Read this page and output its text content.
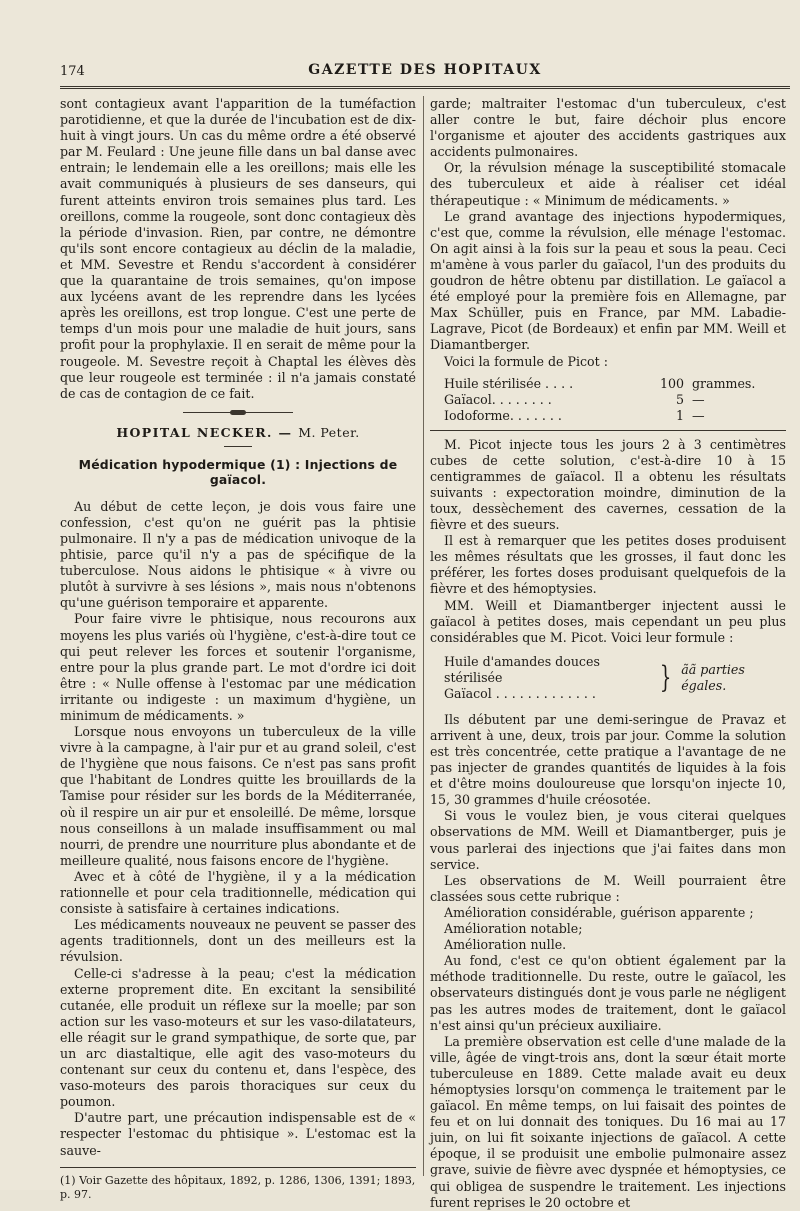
174	GAZETTE DES HOPITAUX

sont contagieux avant l'apparition de la tuméfaction parotidienne, et que la durée de l'incubation est de dix-huit à vingt jours. Un cas du même ordre a été observé par M. Feulard : Une jeune fille dans un bal danse avec entrain; le lendemain elle a les oreillons; mais elle les avait communiqués à plusieurs de ses danseurs, qui furent atteints environ trois semaines plus tard. Les oreillons, comme la rougeole, sont donc contagieux dès la période d'invasion. Rien, par contre, ne démontre qu'ils sont encore contagieux au déclin de la maladie, et MM. Sevestre et Rendu s'accordent à considérer que la quarantaine de trois semaines, qu'on impose aux lycéens avant de les reprendre dans les lycées après les oreillons, est trop longue. C'est une perte de temps d'un mois pour une maladie de huit jours, sans profit pour la prophylaxie. Il en serait de même pour la rougeole. M. Sevestre reçoit à Chaptal les élèves dès que leur rougeole est terminée : il n'a jamais constaté de cas de contagion de ce fait.

HOPITAL NECKER. — M. Peter.
Médication hypodermique (1) : Injections de gaïacol.

Au début de cette leçon, je dois vous faire une confession, c'est qu'on ne guérit pas la phtisie pulmonaire. Il n'y a pas de médication univoque de la phtisie, parce qu'il n'y a pas de spécifique de la tuberculose. Nous aidons le phtisique « à vivre ou plutôt à survivre à ses lésions », mais nous n'obtenons qu'une guérison temporaire et apparente.

Pour faire vivre le phtisique, nous recourons aux moyens les plus variés où l'hygiène, c'est-à-dire tout ce qui peut relever les forces et soutenir l'organisme, entre pour la plus grande part. Le mot d'ordre ici doit être : « Nulle offense à l'estomac par une médication irritante ou indigeste : un maximum d'hygiène, un minimum de médicaments. »

Lorsque nous envoyons un tuberculeux de la ville vivre à la campagne, à l'air pur et au grand soleil, c'est de l'hygiène que nous faisons. Ce n'est pas sans profit que l'habitant de Londres quitte les brouillards de la Tamise pour résider sur les bords de la Méditerranée, où il respire un air pur et ensoleillé. De même, lorsque nous conseillons à un malade insuffisamment ou mal nourri, de prendre une nourriture plus abondante et de meilleure qualité, nous faisons encore de l'hygiène.

Avec et à côté de l'hygiène, il y a la médication rationnelle et pour cela traditionnelle, médication qui consiste à satisfaire à certaines indications.

Les médicaments nouveaux ne peuvent se passer des agents traditionnels, dont un des meilleurs est la révulsion.

Celle-ci s'adresse à la peau; c'est la médication externe proprement dite. En excitant la sensibilité cutanée, elle produit un réflexe sur la moelle; par son action sur les vaso-moteurs et sur les vaso-dilatateurs, elle réagit sur le grand sympathique, de sorte que, par un arc diastaltique, elle agit des vaso-moteurs du contenant sur ceux du contenu et, dans l'espèce, des vaso-moteurs des parois thoraciques sur ceux du poumon.

D'autre part, une précaution indispensable est de « respecter l'estomac du phtisique ». L'estomac est la sauve-

(1) Voir Gazette des hôpitaux, 1892, p. 1286, 1306, 1391; 1893, p. 97.

garde; maltraiter l'estomac d'un tuberculeux, c'est aller contre le but, faire déchoir plus encore l'organisme et ajouter des accidents gastriques aux accidents pulmonaires.

Or, la révulsion ménage la susceptibilité stomacale des tuberculeux et aide à réaliser cet idéal thérapeutique : « Minimum de médicaments. »

Le grand avantage des injections hypodermiques, c'est que, comme la révulsion, elle ménage l'estomac. On agit ainsi à la fois sur la peau et sous la peau. Ceci m'amène à vous parler du gaïacol, l'un des produits du goudron de hêtre obtenu par distillation. Le gaïacol a été employé pour la première fois en Allemagne, par Max Schüller, puis en France, par MM. Labadie-Lagrave, Picot (de Bordeaux) et enfin par MM. Weill et Diamantberger.

Voici la formule de Picot :

Huile stérilisée . . . .	100 grammes.
Gaïacol. . . . . . . .	5 —
Iodoforme. . . . . . .	1 —

M. Picot injecte tous les jours 2 à 3 centimètres cubes de cette solution, c'est-à-dire 10 à 15 centigrammes de gaïacol. Il a obtenu les résultats suivants : expectoration moindre, diminution de la toux, dessèchement des cavernes, cessation de la fièvre et des sueurs.

Il est à remarquer que les petites doses produisent les mêmes résultats que les grosses, il faut donc les préférer, les fortes doses produisant quelquefois de la fièvre et des hémoptysies.

MM. Weill et Diamantberger injectent aussi le gaïacol à petites doses, mais cependant un peu plus considérables que M. Picot. Voici leur formule :

Huile d'amandes douces stérilisée
Gaïacol . . . . . . . . . . . . .	} ãã parties égales.

Ils débutent par une demi-seringue de Pravaz et arrivent à une, deux, trois par jour. Comme la solution est très concentrée, cette pratique a l'avantage de ne pas injecter de grandes quantités de liquides à la fois et d'être moins douloureuse que lorsqu'on injecte 10, 15, 30 grammes d'huile créosotée.

Si vous le voulez bien, je vous citerai quelques observations de MM. Weill et Diamantberger, puis je vous parlerai des injections que j'ai faites dans mon service.

Les observations de M. Weill pourraient être classées sous cette rubrique :

Amélioration considérable, guérison apparente ;

Amélioration notable;

Amélioration nulle.

Au fond, c'est ce qu'on obtient également par la méthode traditionnelle. Du reste, outre le gaïacol, les observateurs distingués dont je vous parle ne négligent pas les autres modes de traitement, dont le gaïacol n'est ainsi qu'un précieux auxiliaire.

La première observation est celle d'une malade de la ville, âgée de vingt-trois ans, dont la sœur était morte tuberculeuse en 1889. Cette malade avait eu deux hémoptysies lorsqu'on commença le traitement par le gaïacol. En même temps, on lui faisait des pointes de feu et on lui donnait des toniques. Du 16 mai au 17 juin, on lui fit soixante injections de gaïacol. A cette époque, il se produisit une embolie pulmonaire assez grave, suivie de fièvre avec dyspnée et hémoptysies, ce qui obligea de suspendre le traitement. Les injections furent reprises le 20 octobre et
